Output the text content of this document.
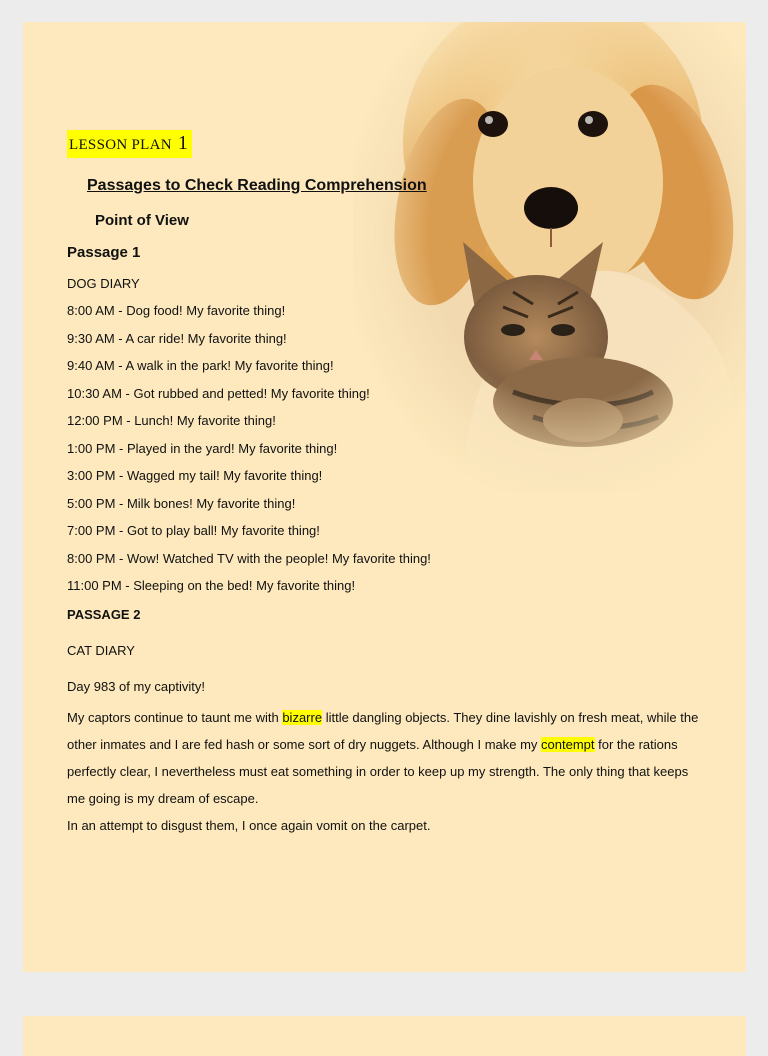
LESSON PLAN 1
Passages to Check Reading Comprehension
Point of View
Passage 1
DOG DIARY
8:00 AM - Dog food! My favorite thing!
9:30 AM - A car ride! My favorite thing!
9:40 AM - A walk in the park! My favorite thing!
10:30 AM - Got rubbed and petted! My favorite thing!
12:00 PM - Lunch! My favorite thing!
1:00 PM - Played in the yard! My favorite thing!
3:00 PM - Wagged my tail! My favorite thing!
5:00 PM - Milk bones! My favorite thing!
7:00 PM - Got to play ball! My favorite thing!
8:00 PM - Wow! Watched TV with the people! My favorite thing!
11:00 PM - Sleeping on the bed! My favorite thing!
PASSAGE 2
CAT DIARY
Day 983 of my captivity!

My captors continue to taunt me with bizarre little dangling objects. They dine lavishly on fresh meat, while the other inmates and I are fed hash or some sort of dry nuggets. Although I make my contempt for the rations perfectly clear, I nevertheless must eat something in order to keep up my strength. The only thing that keeps me going is my dream of escape.

In an attempt to disgust them, I once again vomit on the carpet.
